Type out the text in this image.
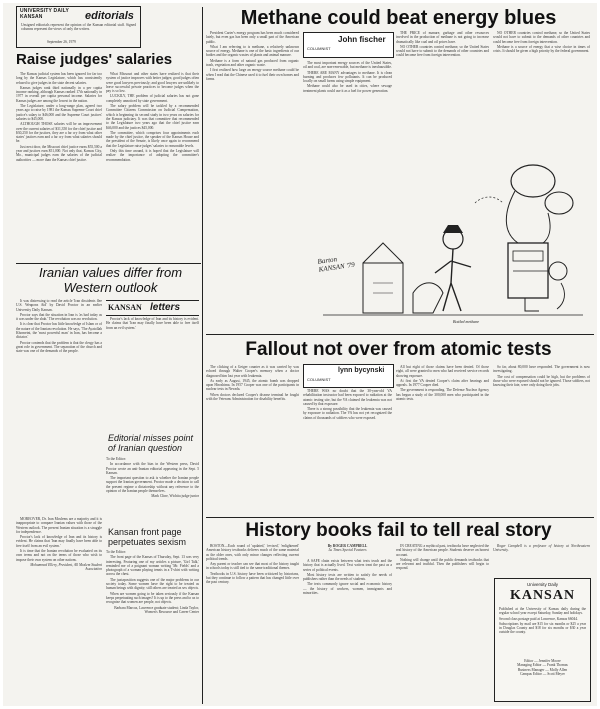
UNIVERSITY DAILY KANSAN	editorials
Unsigned editorials represent the opinion of the Kansan editorial staff. Signed columns represent the views of only the writers.
September 26, 1979
Raise judges' salaries

The Kansas judicial system has been ignored for far too long by the Kansas Legislature, which has consistently refused to give judges in the state decent salaries.

Kansas judges rank third nationally in a per capita income ranking, although Kansas ranked 17th nationally in 1977 in overall per capita personal income. Salaries for Kansas judges are among the lowest in the nation.

The Legislature, under a long-range plan, agreed two years ago to raise by 1981 the Kansas Supreme Court chief justice's salary to $46,000 and the Supreme Court justices' salaries to $45,000.

ALTHOUGH THOSE salaries will be an improvement over the current salaries of $31,350 for the chief justice and $30,250 for the justices, they are a far cry from what other states' justices earn and a far cry from what salaries should be.

Just next door, the Missouri chief justice earns $55,500 a year and justices earn $51,000. Not only that, Kansas City, Mo., municipal judges earn the salaries of the judicial authorities — more than the Kansas chief justice.

What Missouri and other states have realized is that their system of justice improves with better judges; good judges often were good lawyers previously; and good lawyers are unlikely to leave successful private practices to become judges when the pay is so low.

LUCKILY, THE problem of judicial salaries has not gone completely unnoticed by state government.

The salary problem will be tackled by a recommended Committee Citizens Commission on Judicial Compensation, which is beginning its second study in two years on salaries for the Kansas judiciary. It was that committee that recommended to the Legislature two years ago that the chief justice earn $46,000 and the justices $45,000.

The committee, which comprises four appointments each made by the chief justice, the speaker of the Kansas House and the president of the Senate, is likely once again to recommend that the Legislature raise judges' salaries to reasonable levels.

Only this time around, it is hoped that the Legislature will realize the importance of adopting the committee's recommendation.

Iranian values differ from Western outlook

It was distressing to read the article 'Iran dissidents flee U.S. Weapons Aid' by David Proctor in an earlier University Daily Kansan.

Proctor says that the situation in Iran is 'as bad today as it was under the shah.' The revolution was no revolution.

It is clear that Proctor has little knowledge of Islam or of the nature of the Iranian revolution. He says, 'The Ayatollah Khomeini, the 'most powerful man' in Iran, has become a dictator.'

Proctor contends that the problem is that the clergy has a great role in government. The separation of the church and state was one of the demands of the people.

MOREOVER, Dr. Iran Moslems are a majority and it is inappropriate to compare Iranian values with those of the Western outlook. The present Iranian situation is a struggle for independence.

Proctor's lack of knowledge of Iran and its history is evident. He claims that 'Iran may finally have been able to free itself from an evil system.'

It is time that the Iranian revolution be evaluated on its own terms and not on the terms of those who wish to impose their own system on other nations.

Mohammed Ellery, President, All Moslem Student Association

KANSAN letters

Proctor's lack of knowledge of Iran and its history is evident. He claims that 'Iran may finally have been able to free itself from an evil system.'

Editorial misses point of Iranian question

To the Editor:

In accordance with the bias in the Western press, David Proctor wrote an anti-Iranian editorial appearing in the Sept. 5 Kansan.

The important question to ask is whether the Iranian people support the Iranian government. Proctor made a decision to call the present regime a dictatorship without any reference to the opinion of the Iranian people themselves.

Mark Cline, Wichita judge junior

Kansan front page perpetuates sexism

To the Editor:

The front page of the Kansas of Thursday, Sept. 13 was very interesting. Featuring one of my articles a picture, 'Girl Talk,' reminded me of a poignant woman writing 'Mr. Fields' and a photograph of a woman playing tennis in a T-shirt with writing across the chest.

The juxtaposition suggests one of the major problems in our society today. Some women have the right to be treated as human beings with dignity; still others are treated as sex objects.

When are women going to be taken seriously if the Kansan keeps perpetuating such images? It is up to the press and to us to recognize that women are people, not objects.

Barbara Marcus, Lawrence graduate student; Linda Taylor, Women's Resource and Career Center

Methane could beat energy blues

President Carter's energy program has been much considered lately, but even gas has been only a small part of the American public.

What I am referring to is methane, a relatively unknown source of energy. Methane is one of the basic ingredients of our bodies and the organic wastes of plants and animal manure.

Methane is a form of natural gas produced from organic trash, vegetation and other organic waste.

I first realized how large an energy source methane could be when I read that the Chinese used it to fuel their own homes and farms.

COLUMNIST
John fischer

The most important energy sources of the United States, oil and coal, are non-renewable, but methane is inexhaustible.

THERE ARE MANY advantages to methane. It is clean burning and produces few pollutants. It can be produced locally on small farms using simple equipment.

Methane could also be used in cities, where sewage treatment plants could use it as a fuel for power generation.

THE PRICE of manure, garbage and other resources involved in the production of methane is not going to increase dramatically like coal and oil prices have.

NO OTHER countries control methane, so the United States would not have to submit to the demands of other countries and could become free from foreign intervention.

NO OTHER countries control methane, so the United States would not have to submit to the demands of other countries and could become free from foreign intervention.

Methane is a source of energy that a wise choice in times of crisis. It should be given a high priority by the federal government.

Barton KANSAN '79
Bottled methane
Fallout not over from atomic tests
COLUMNIST
lynn bycynski

The clicking of a Geiger counter as it was carried by was echoed through Walter Cooper's memory when a doctor diagnosed him last year with leukemia.

As early as August, 1945, the atomic bomb was dropped upon Hiroshima. In 1957 Cooper was one of the participants in nuclear tests in Nevada.

When doctors declared Cooper's disease terminal he fought with the Veterans Administration for disability benefits.

THERE WAS no doubt that the 30-year-old VA rehabilitation instructor had been exposed to radiation at the atomic testing site, but the VA claimed the leukemia was not caused by that exposure.

There is a strong possibility that the leukemia was caused by exposure to radiation. The VA has not yet recognized the claims of thousands of soldiers who were exposed.

All but eight of those claims have been denied. Of those eight, all were granted to men who had received service records showing exposure.

At first the VA denied Cooper's claim after hearings and appeals. In 1977 Cooper died.

The government is responding. The Defense Nuclear Agency has begun a study of the 300,000 men who participated in the atomic tests.

So far, about 80,000 have responded. The government is now investigating.

The cost of compensation could be high, but the problems of those who were exposed should not be ignored. Those soldiers, not knowing their fate, were only doing their jobs.

History books fail to tell real story
By ROGER CAMPBELL
Lu Times Special Features

BOSTON—Each round of 'updated,' 'revised,' 'enlightened' American history textbooks delivers much of the same material as the older ones, with only minor changes reflecting current political trends.

Any parent or teacher can see that most of the history taught in schools today is still tied to the same traditional themes.

Textbooks in U.S. history have been criticized by historians, but they continue to follow a pattern that has changed little over the past century.

A SAFE chain exists between what texts teach and the history that is actually lived. Text writers treat the past as a series of political events.

Most history texts are written to satisfy the needs of publishers rather than the needs of students.

The texts commonly ignore social and economic history — the history of workers, women, immigrants and minorities.

IN CREATING a mythical past, textbooks have neglected the real history of the American people. Students deserve an honest account.

Nothing will change until the public demands textbooks that are relevant and truthful. Then the publishers will begin to respond.

Roger Campbell is a professor of history at Northeastern University.

University Daily
KANSAN

Published at the University of Kansas daily during the regular school year except Saturday, Sunday and holidays.

Second class postage paid at Lawrence, Kansas 66044.

Subscriptions by mail are $15 for six months or $25 a year in Douglas County and $18 for six months or $30 a year outside the county.

Editor — Jennifer Moore
Managing Editor — Frank Thomas
Business Manager — Molly Allen
Campus Editor — Scott Meyer
